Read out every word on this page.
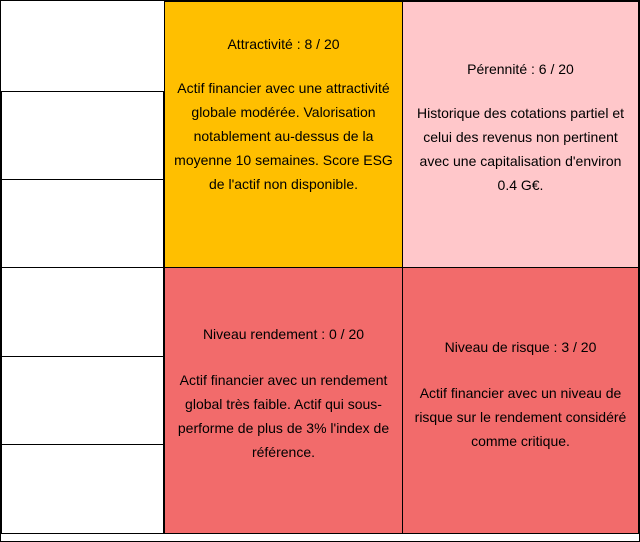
Attractivité : 8 / 20
Actif financier avec une attractivité globale modérée. Valorisation notablement au-dessus de la moyenne 10 semaines. Score ESG de l'actif non disponible.
Pérennité : 6 / 20
Historique des cotations partiel et celui des revenus non pertinent avec une capitalisation d'environ 0.4 G€.
Niveau rendement : 0 / 20
Actif financier avec un rendement global très faible. Actif qui sous-performe de plus de 3% l'index de référence.
Niveau de risque : 3 / 20
Actif financier avec un niveau de risque sur le rendement considéré comme critique.
